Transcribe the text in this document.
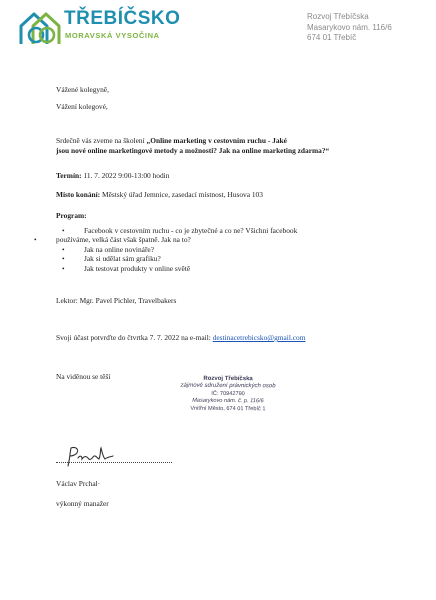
TŘEBÍČSKO
MORAVSKÁ VYSOČINA
Rozvoj Třebíčska
Masarykovo nám. 116/6
674 01 Třebíč
Vážené kolegyně,
Vážení kolegové,
Srdečně vás zveme na školení „Online marketing v cestovním ruchu - Jaké
jsou nové online marketingové metody a možnosti? Jak na online marketing zdarma?“
Termín: 11. 7. 2022 9:00-13:00 hodin
Místo konání: Městský úřad Jemnice, zasedací místnost, Husova 103
Program:
• Facebook v cestovním ruchu - co je zbytečné a co ne? Všichni facebook
• používáme, velká část však špatně. Jak na to?
• Jak na online novináře?
• Jak si udělat sám grafiku?
• Jak testovat produkty v online světě
Lektor: Mgr. Pavel Pichler, Travelbakers
Svoji účast potvrďte do čtvrtka 7. 7. 2022 na e-mail: destinacetrebicsko@gmail.com
Na viděnou se těší	Rozvoj Třebíčska
zájmové sdružení právnických osob
IČ: 70942790
Masarykovo nám. č. p. 116/6
Vnitřní Město, 674 01 Třebíč 1
Václav Prchal·
výkonný manažer
